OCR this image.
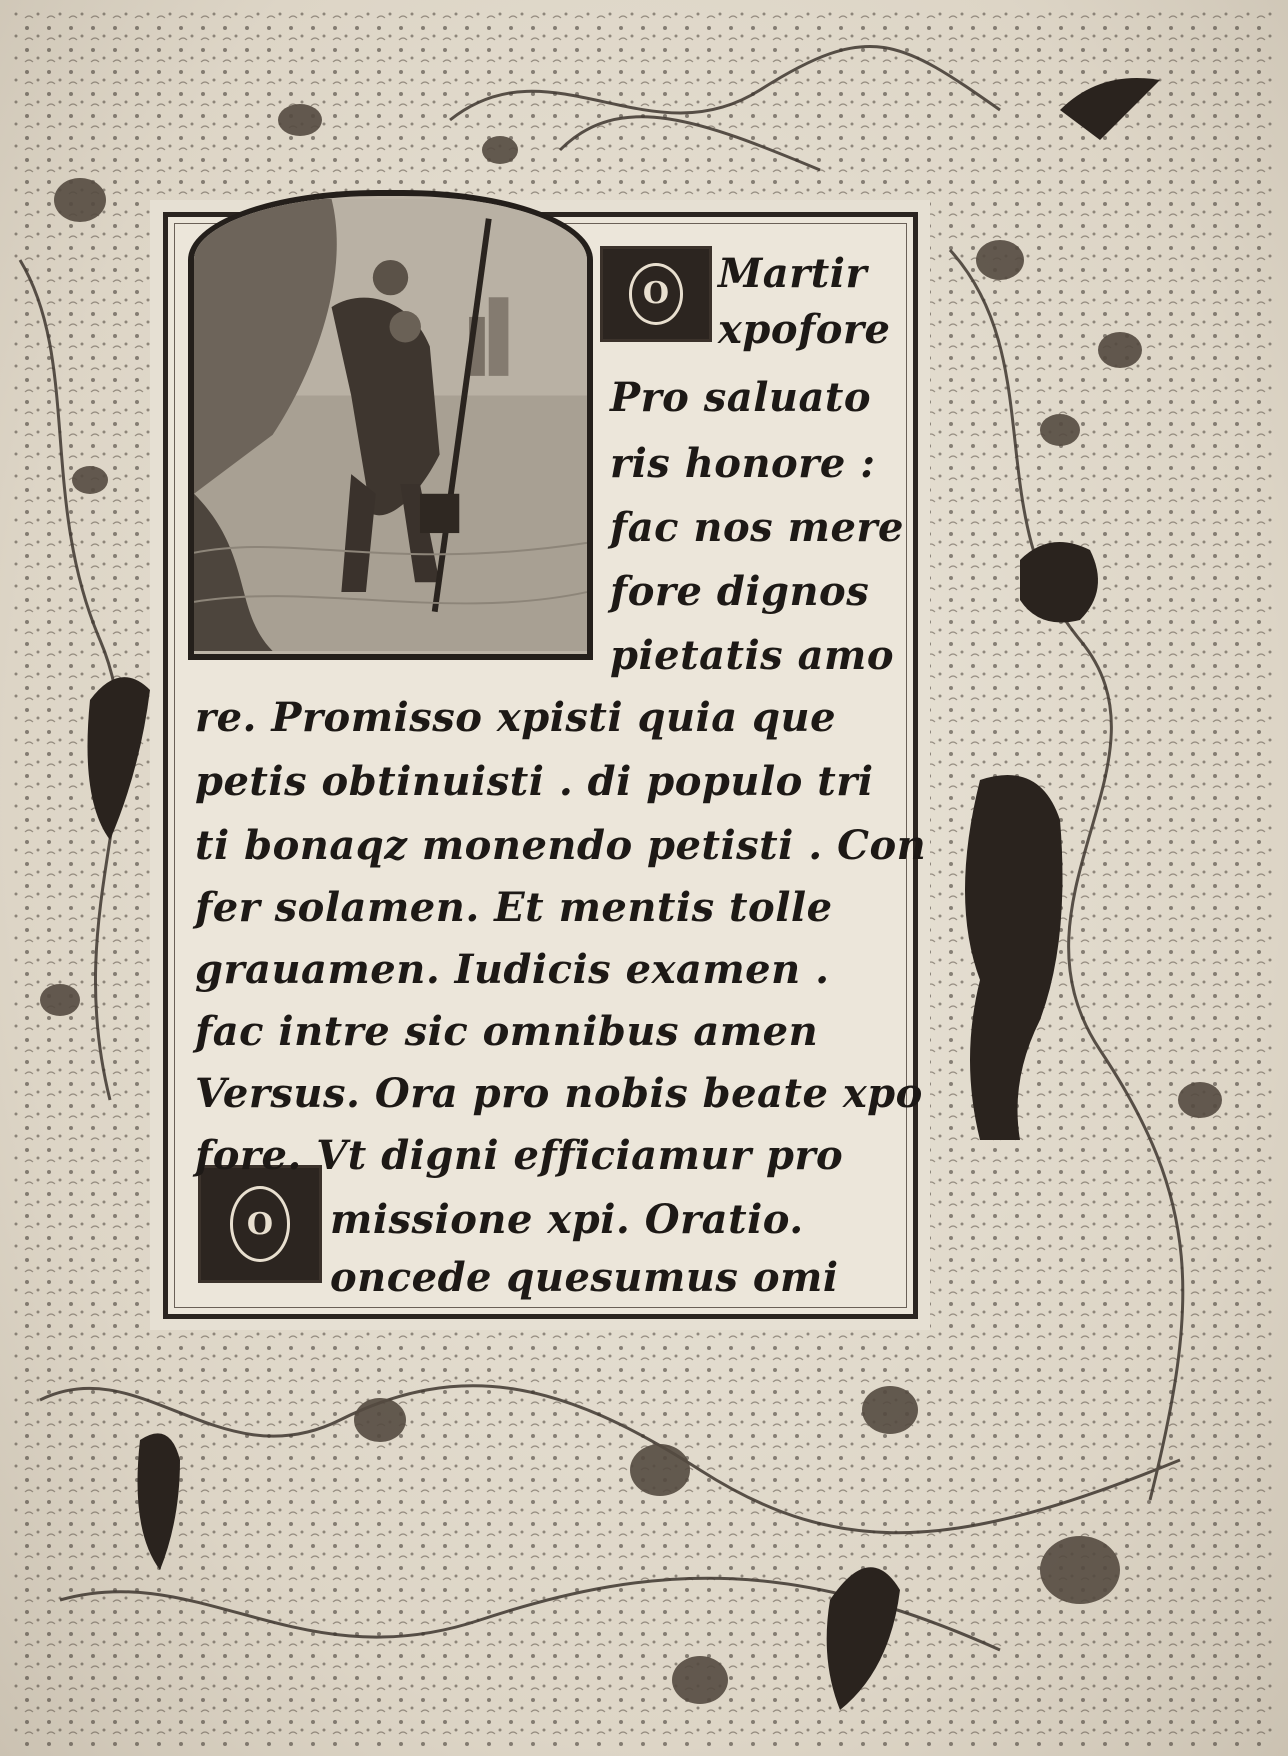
O
O
Martir
xpofore
Pro saluato
ris honore :
fac nos mere
fore dignos
pietatis amo
re. Promisso xpisti quia que
petis obtinuisti . di populo tri
ti bonaqz monendo petisti . Con
fer solamen. Et mentis tolle
grauamen. Iudicis examen .
fac intre sic omnibus amen
Versus. Ora pro nobis beate xpo
fore. Vt digni efficiamur pro
missione xpi. Oratio.
oncede quesumus omi
